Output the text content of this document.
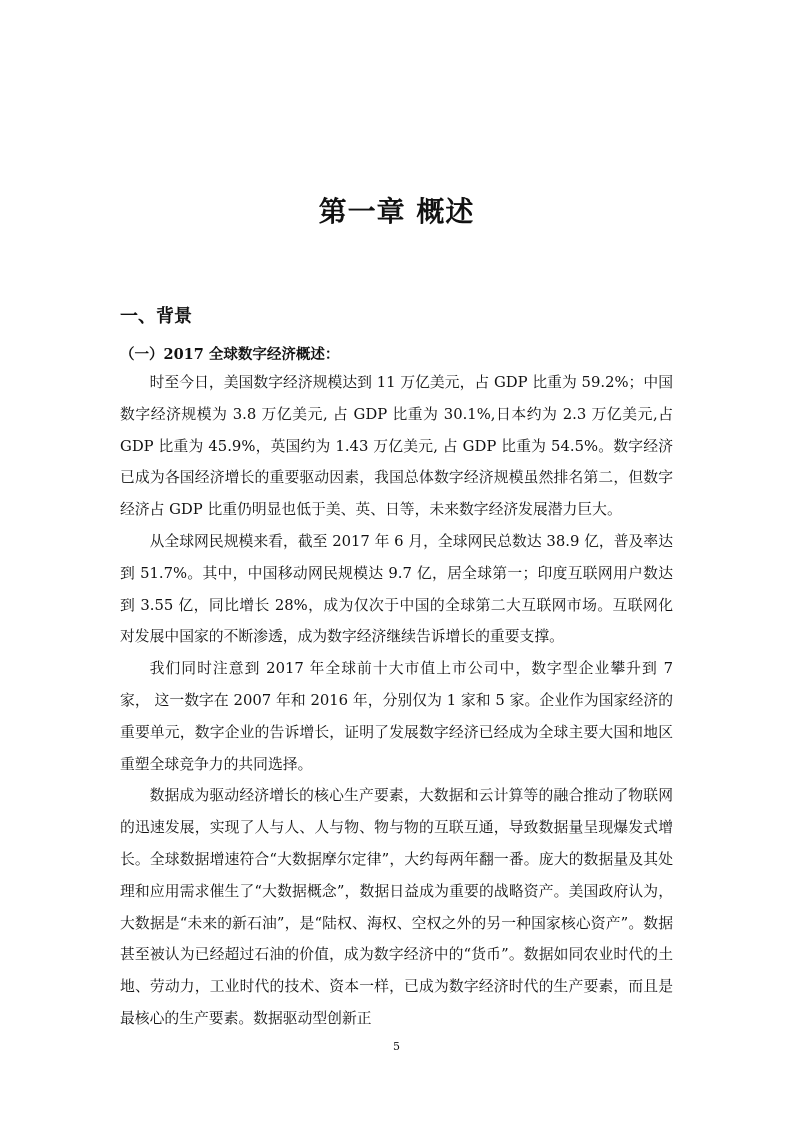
第一章 概述
一、背景
（一）2017 全球数字经济概述：

时至今日，美国数字经济规模达到 11 万亿美元，占 GDP 比重为 59.2%；中国数字经济规模为 3.8 万亿美元, 占 GDP 比重为 30.1%,日本约为 2.3 万亿美元,占 GDP 比重为 45.9%，英国约为 1.43 万亿美元, 占 GDP 比重为 54.5%。数字经济已成为各国经济增长的重要驱动因素，我国总体数字经济规模虽然排名第二，但数字经济占 GDP 比重仍明显也低于美、英、日等，未来数字经济发展潜力巨大。

从全球网民规模来看，截至 2017 年 6 月，全球网民总数达 38.9 亿，普及率达到 51.7%。其中，中国移动网民规模达 9.7 亿，居全球第一；印度互联网用户数达到 3.55 亿，同比增长 28%，成为仅次于中国的全球第二大互联网市场。互联网化对发展中国家的不断渗透，成为数字经济继续告诉增长的重要支撑。

我们同时注意到 2017 年全球前十大市值上市公司中，数字型企业攀升到 7 家， 这一数字在 2007 年和 2016 年，分别仅为 1 家和 5 家。企业作为国家经济的重要单元，数字企业的告诉增长，证明了发展数字经济已经成为全球主要大国和地区重塑全球竞争力的共同选择。

数据成为驱动经济增长的核心生产要素，大数据和云计算等的融合推动了物联网的迅速发展，实现了人与人、人与物、物与物的互联互通，导致数据量呈现爆发式增长。全球数据增速符合“大数据摩尔定律”，大约每两年翻一番。庞大的数据量及其处理和应用需求催生了“大数据概念”，数据日益成为重要的战略资产。美国政府认为，大数据是“未来的新石油”，是“陆权、海权、空权之外的另一种国家核心资产”。数据甚至被认为已经超过石油的价值，成为数字经济中的“货币”。数据如同农业时代的土地、劳动力，工业时代的技术、资本一样，已成为数字经济时代的生产要素，而且是最核心的生产要素。数据驱动型创新正

5
